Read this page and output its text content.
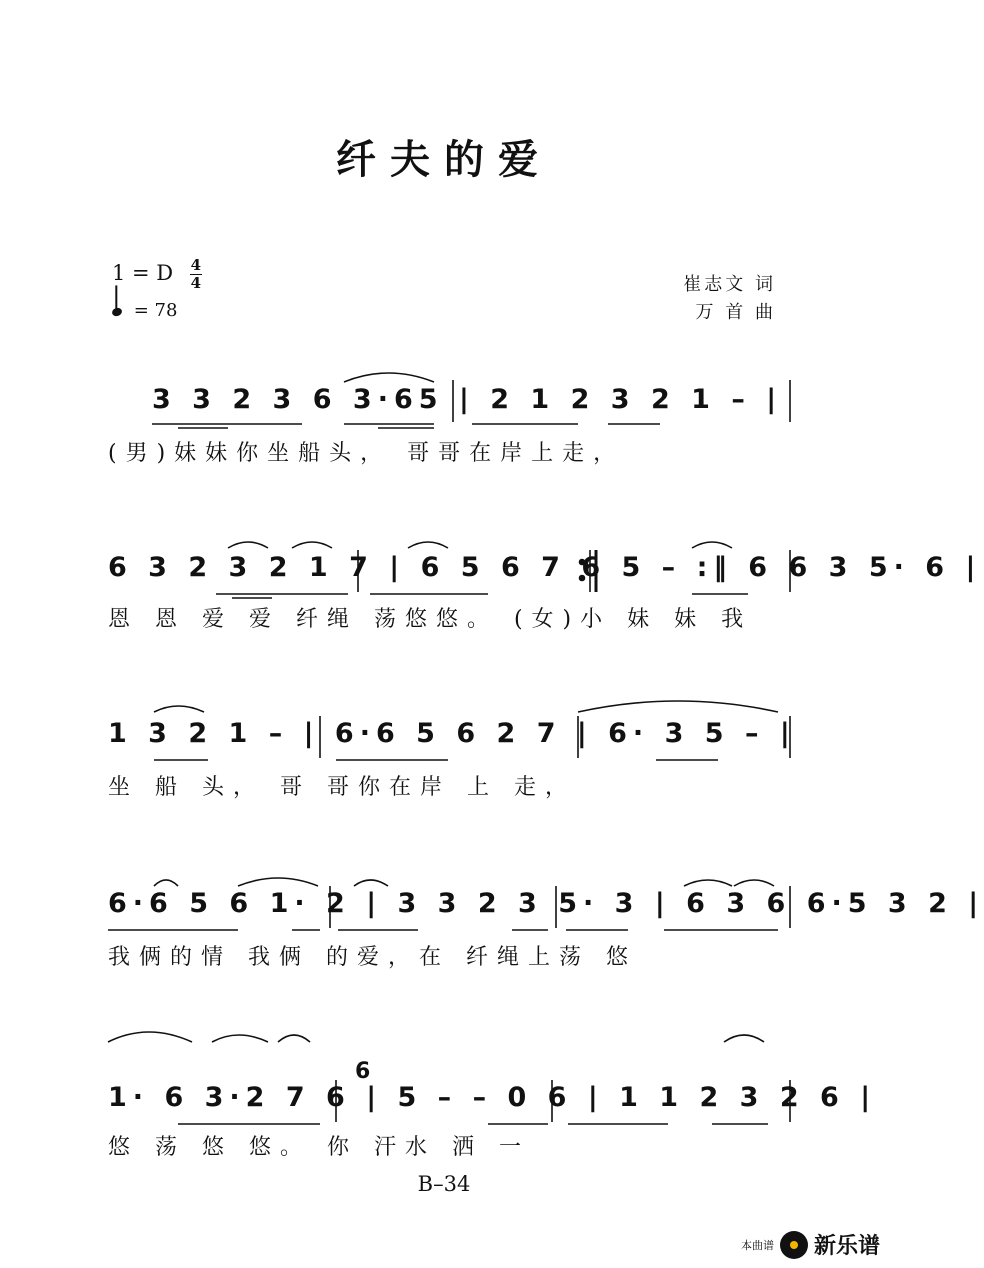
纤夫的爱
1 = D $\frac{4}{4}$
= 78
崔志文 词
万 首 曲
6
3 3 2 3 6 3·65 | 2 1 2 3 2 1 – |
(男)妹妹你坐船头， 哥哥在岸上走，
6 3 2 3 2 1 7 | 6 5 6 7 6 5 – :‖ 6 6 3 5· 6 |
恩 恩 爱 爱 纤绳 荡悠悠。 (女)小 妹 妹 我
1 3 2 1 – | 6·6 5 6 2 7 | 6· 3 5 – |
坐 船 头， 哥 哥你在岸 上 走，
6·6 5 6 1· 2 | 3 3 2 3 5· 3 | 6 3 6 6·5 3 2 |
我俩的情 我俩 的爱，在 纤绳上荡 悠
1· 6 3·2 7 6 | 5 – – 0 6 | 1 1 2 3 2 6 |
悠 荡 悠 悠。 你 汗水 洒 一
B–34
本曲谱 新乐谱
